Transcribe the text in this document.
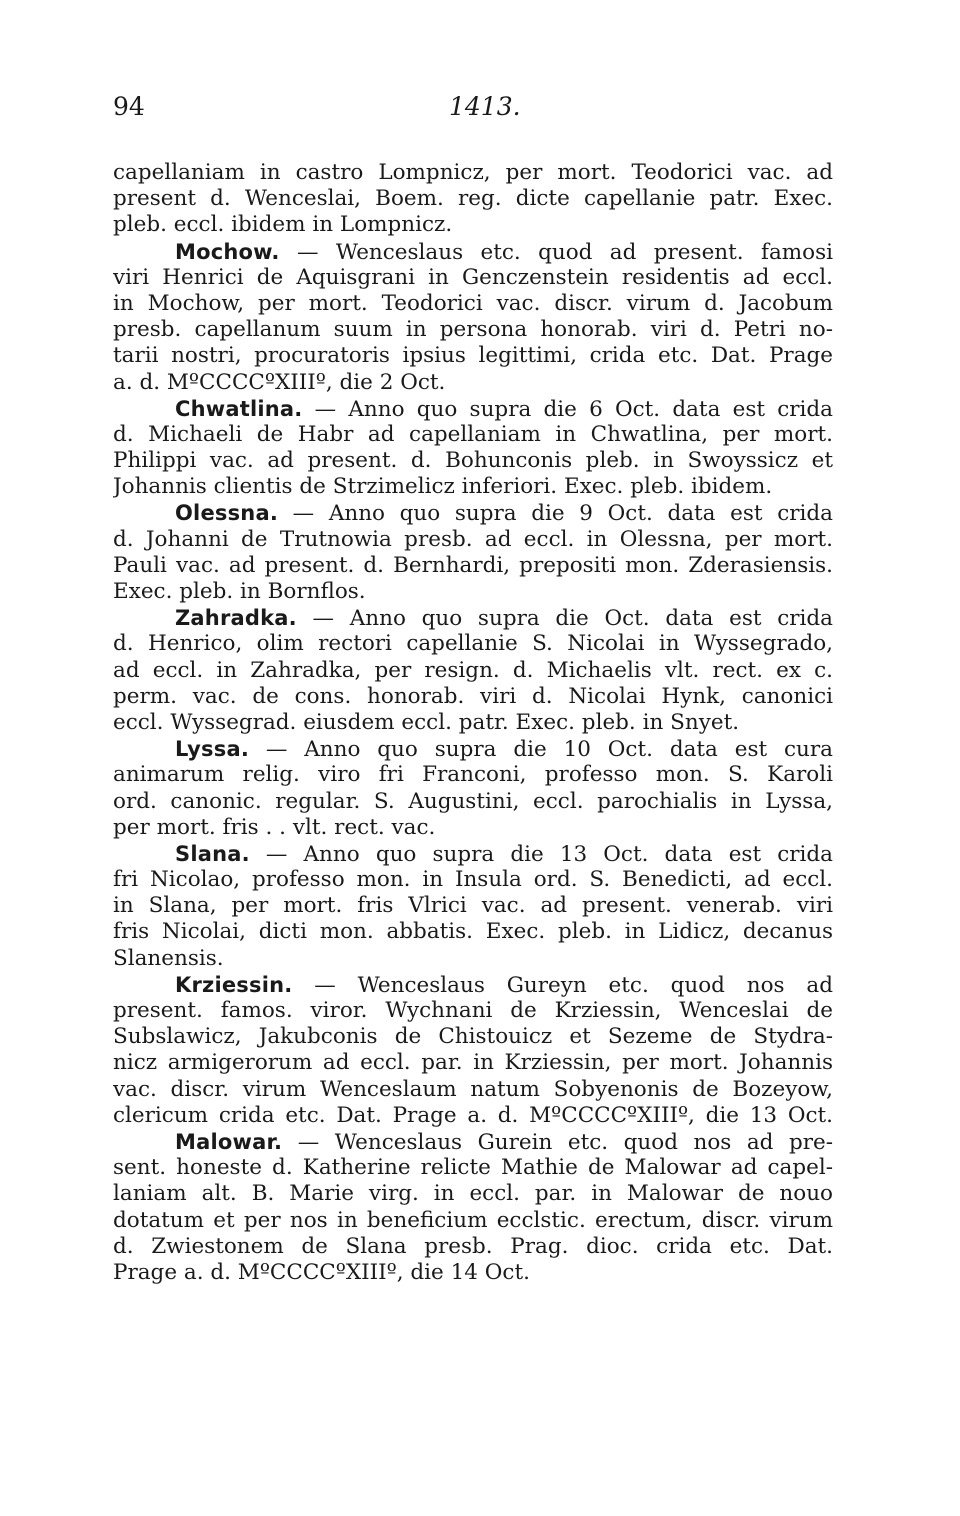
94	1413.
capellaniam in castro Lompnicz, per mort. Teodorici vac. ad
present d. Wenceslai, Boem. reg. dicte capellanie patr. Exec.
pleb. eccl. ibidem in Lompnicz.
Mochow. — Wenceslaus etc. quod ad present. famosi
viri Henrici de Aquisgrani in Genczenstein residentis ad eccl.
in Mochow, per mort. Teodorici vac. discr. virum d. Jacobum
presb. capellanum suum in persona honorab. viri d. Petri no-
tarii nostri, procuratoris ipsius legittimi, crida etc. Dat. Prage
a. d. MºCCCCºXIIIº, die 2 Oct.
Chwatlina. — Anno quo supra die 6 Oct. data est crida
d. Michaeli de Habr ad capellaniam in Chwatlina, per mort.
Philippi vac. ad present. d. Bohunconis pleb. in Swoyssicz et
Johannis clientis de Strzimelicz inferiori. Exec. pleb. ibidem.
Olessna. — Anno quo supra die 9 Oct. data est crida
d. Johanni de Trutnowia presb. ad eccl. in Olessna, per mort.
Pauli vac. ad present. d. Bernhardi, prepositi mon. Zderasiensis.
Exec. pleb. in Bornflos.
Zahradka. — Anno quo supra die Oct. data est crida
d. Henrico, olim rectori capellanie S. Nicolai in Wyssegrado,
ad eccl. in Zahradka, per resign. d. Michaelis vlt. rect. ex c.
perm. vac. de cons. honorab. viri d. Nicolai Hynk, canonici
eccl. Wyssegrad. eiusdem eccl. patr. Exec. pleb. in Snyet.
Lyssa. — Anno quo supra die 10 Oct. data est cura
animarum relig. viro fri Franconi, professo mon. S. Karoli
ord. canonic. regular. S. Augustini, eccl. parochialis in Lyssa,
per mort. fris . . vlt. rect. vac.
Slana. — Anno quo supra die 13 Oct. data est crida
fri Nicolao, professo mon. in Insula ord. S. Benedicti, ad eccl.
in Slana, per mort. fris Vlrici vac. ad present. venerab. viri
fris Nicolai, dicti mon. abbatis. Exec. pleb. in Lidicz, decanus
Slanensis.
Krziessin. — Wenceslaus Gureyn etc. quod nos ad
present. famos. viror. Wychnani de Krziessin, Wenceslai de
Subslawicz, Jakubconis de Chistouicz et Sezeme de Stydra-
nicz armigerorum ad eccl. par. in Krziessin, per mort. Johannis
vac. discr. virum Wenceslaum natum Sobyenonis de Bozeyow,
clericum crida etc. Dat. Prage a. d. MºCCCCºXIIIº, die 13 Oct.
Malowar. — Wenceslaus Gurein etc. quod nos ad pre-
sent. honeste d. Katherine relicte Mathie de Malowar ad capel-
laniam alt. B. Marie virg. in eccl. par. in Malowar de nouo
dotatum et per nos in beneficium ecclstic. erectum, discr. virum
d. Zwiestonem de Slana presb. Prag. dioc. crida etc. Dat.
Prage a. d. MºCCCCºXIIIº, die 14 Oct.
